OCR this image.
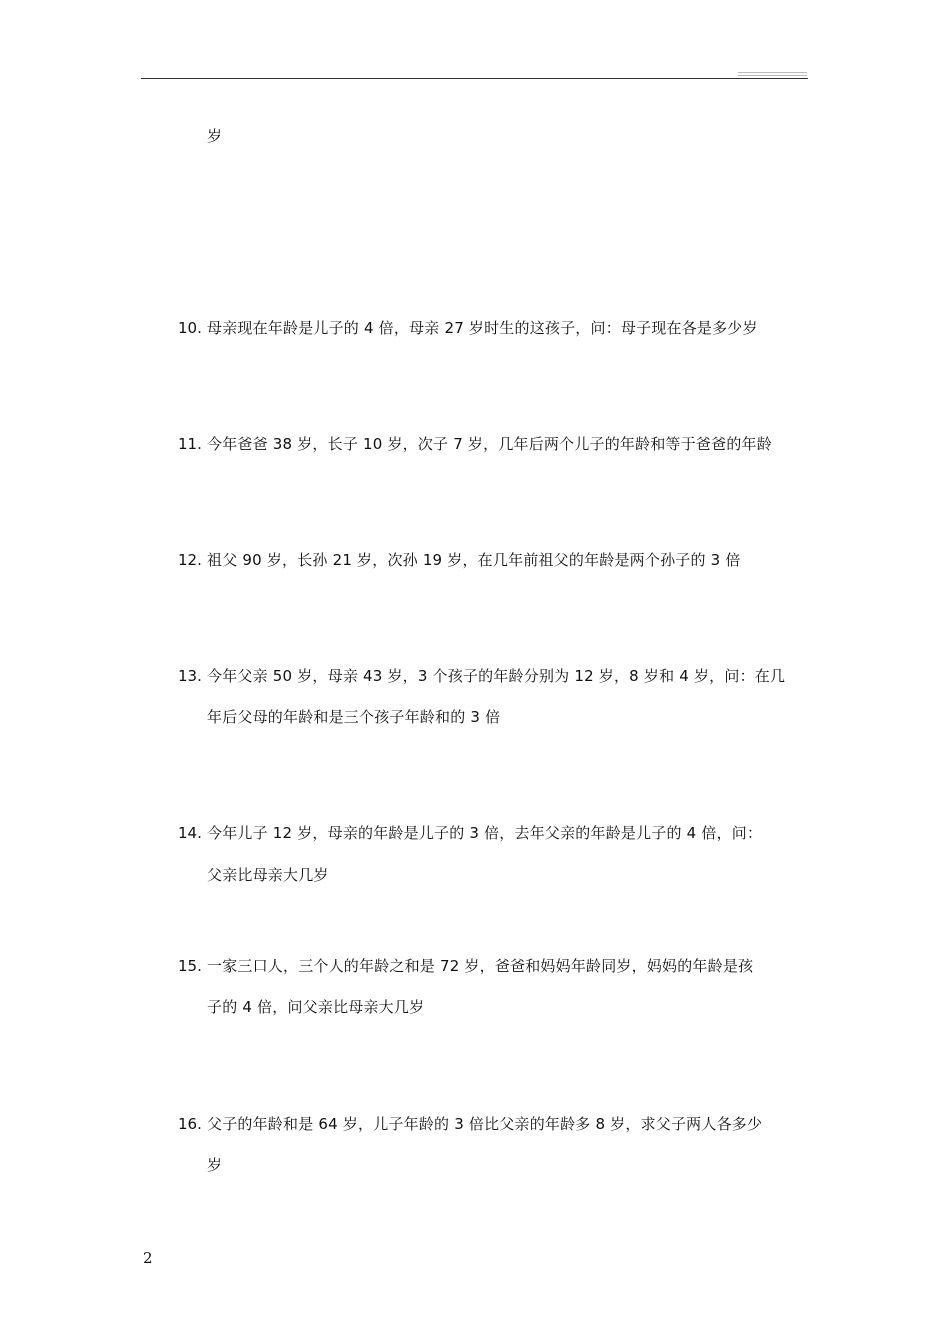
岁
10. 母亲现在年龄是儿子的 4 倍，母亲 27 岁时生的这孩子，问：母子现在各是多少岁
11. 今年爸爸 38 岁，长子 10 岁，次子 7 岁，几年后两个儿子的年龄和等于爸爸的年龄
12. 祖父 90 岁，长孙 21 岁，次孙 19 岁，在几年前祖父的年龄是两个孙子的 3 倍
13. 今年父亲 50 岁，母亲 43 岁，3 个孩子的年龄分别为 12 岁，8 岁和 4 岁，问：在几
年后父母的年龄和是三个孩子年龄和的 3 倍
14. 今年儿子 12 岁，母亲的年龄是儿子的 3 倍，去年父亲的年龄是儿子的 4 倍，问：
父亲比母亲大几岁
15. 一家三口人，三个人的年龄之和是 72 岁，爸爸和妈妈年龄同岁，妈妈的年龄是孩
子的 4 倍，问父亲比母亲大几岁
16. 父子的年龄和是 64 岁，儿子年龄的 3 倍比父亲的年龄多 8 岁，求父子两人各多少
岁
2
